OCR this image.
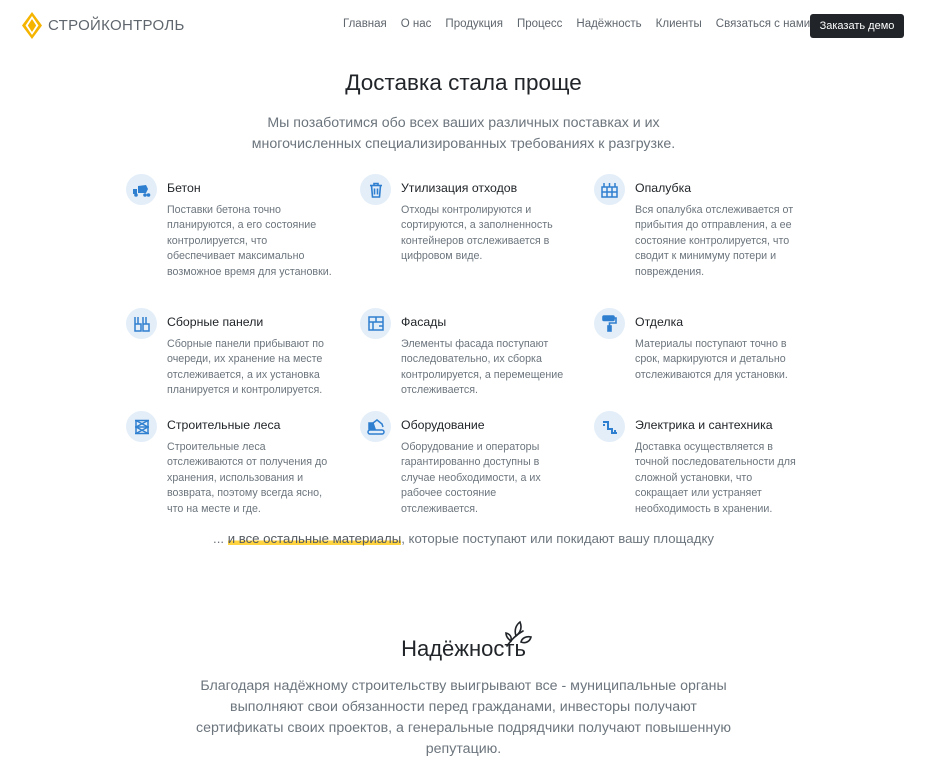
СТРОЙКОНТРОЛЬ	Главная О нас Продукция Процесс Надёжность Клиенты Связаться с нами Заказать демо
Доставка стала проще
Мы позаботимся обо всех ваших различных поставках и их многочисленных специализированных требованиях к разгрузке.
Бетон
Поставки бетона точно планируются, а его состояние контролируется, что обеспечивает максимально возможное время для установки.
Утилизация отходов
Отходы контролируются и сортируются, а заполненность контейнеров отслеживается в цифровом виде.
Опалубка
Вся опалубка отслеживается от прибытия до отправления, а ее состояние контролируется, что сводит к минимуму потери и повреждения.
Сборные панели
Сборные панели прибывают по очереди, их хранение на месте отслеживается, а их установка планируется и контролируется.
Фасады
Элементы фасада поступают последовательно, их сборка контролируется, а перемещение отслеживается.
Отделка
Материалы поступают точно в срок, маркируются и детально отслеживаются для установки.
Строительные леса
Строительные леса отслеживаются от получения до хранения, использования и возврата, поэтому всегда ясно, что на месте и где.
Оборудование
Оборудование и операторы гарантированно доступны в случае необходимости, а их рабочее состояние отслеживается.
Электрика и сантехника
Доставка осуществляется в точной последовательности для сложной установки, что сокращает или устраняет необходимость в хранении.
... и все остальные материалы, которые поступают или покидают вашу площадку
Надёжность
Благодаря надёжному строительству выигрывают все - муниципальные органы выполняют свои обязанности перед гражданами, инвесторы получают сертификаты своих проектов, а генеральные подрядчики получают повышенную репутацию.
